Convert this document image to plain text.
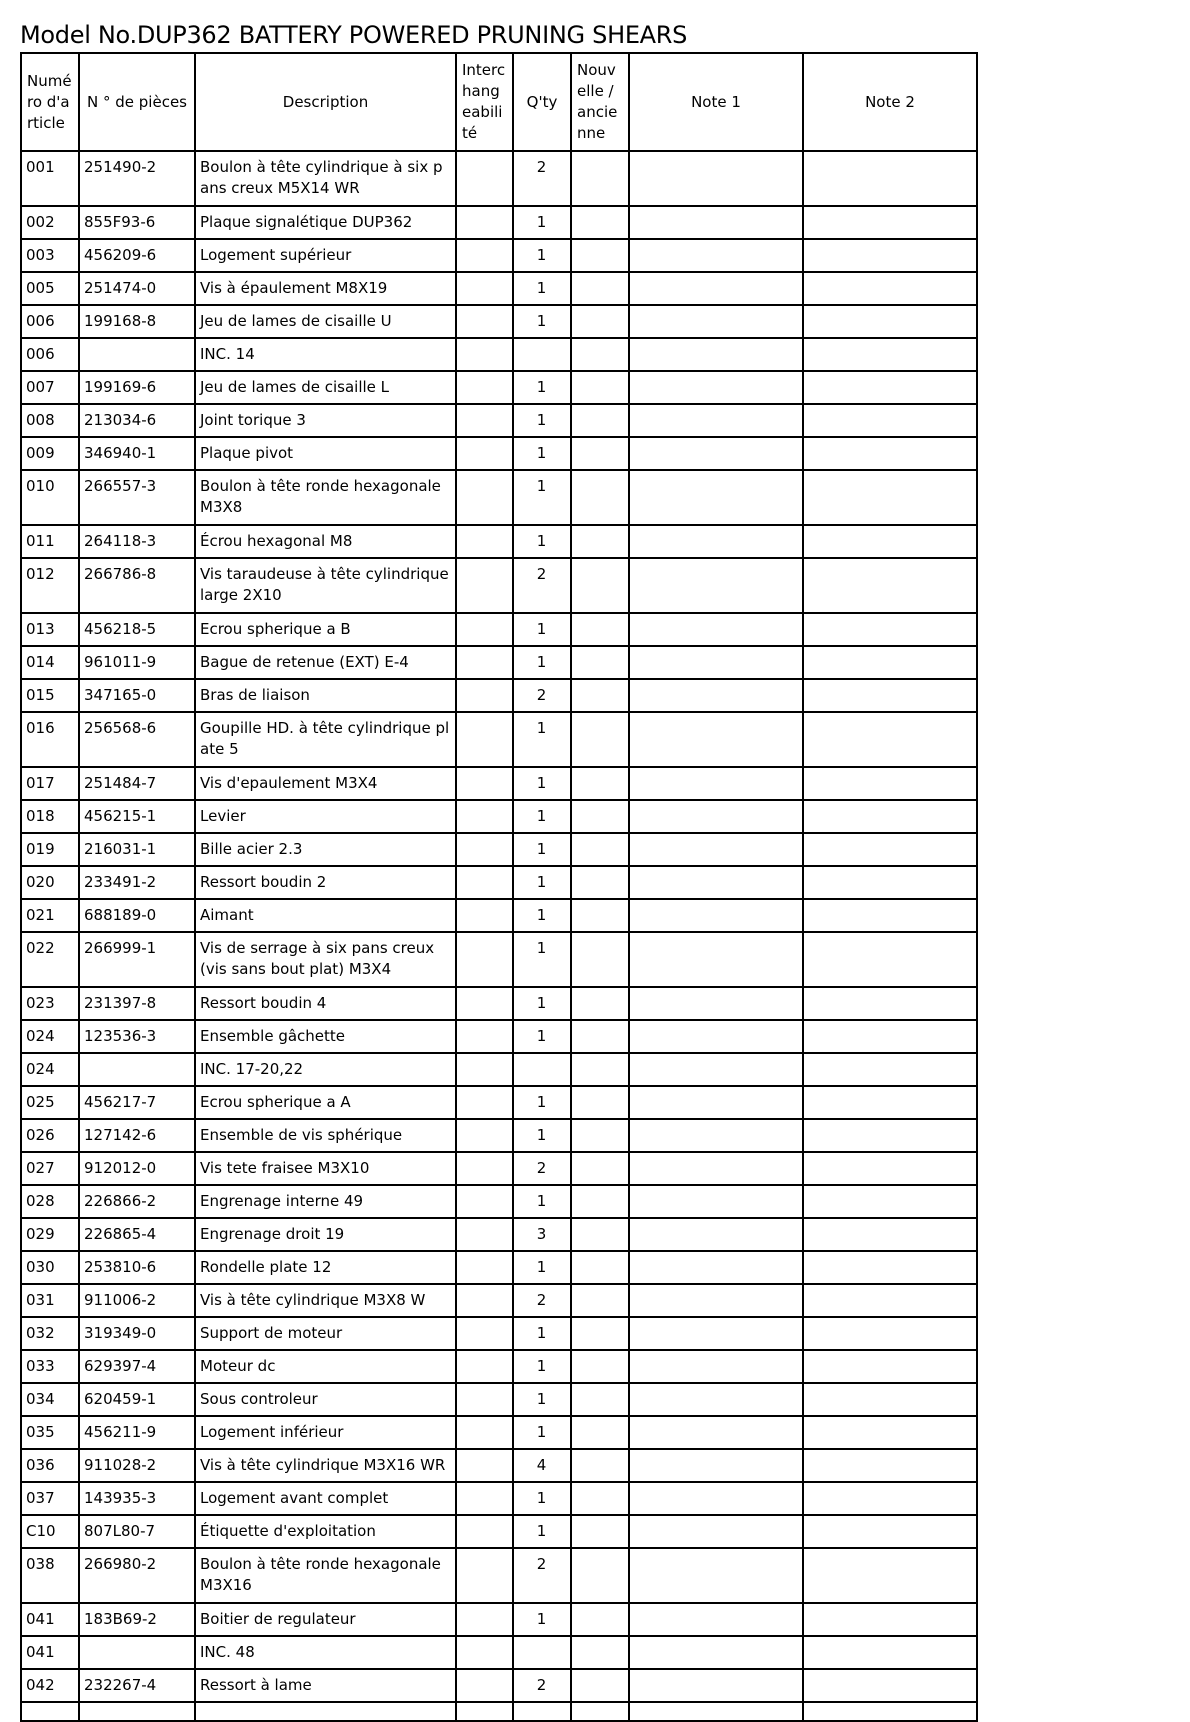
Model No.DUP362 BATTERY POWERED PRUNING SHEARS
Numéro d'article	N ° de pièces	Description	Interchangeabilité	Q'ty	Nouvelle / ancienne	Note 1	Note 2
001	251490-2	Boulon à tête cylindrique à six pans creux M5X14 WR		2			
002	855F93-6	Plaque signalétique DUP362		1			
003	456209-6	Logement supérieur		1			
005	251474-0	Vis à épaulement M8X19		1			
006	199168-8	Jeu de lames de cisaille U		1			
006		INC. 14					
007	199169-6	Jeu de lames de cisaille L		1			
008	213034-6	Joint torique 3		1			
009	346940-1	Plaque pivot		1			
010	266557-3	Boulon à tête ronde hexagonale M3X8		1			
011	264118-3	Écrou hexagonal M8		1			
012	266786-8	Vis taraudeuse à tête cylindrique large 2X10		2			
013	456218-5	Ecrou spherique a B		1			
014	961011-9	Bague de retenue (EXT) E-4		1			
015	347165-0	Bras de liaison		2			
016	256568-6	Goupille HD. à tête cylindrique plate 5		1			
017	251484-7	Vis d'epaulement M3X4		1			
018	456215-1	Levier		1			
019	216031-1	Bille acier 2.3		1			
020	233491-2	Ressort boudin 2		1			
021	688189-0	Aimant		1			
022	266999-1	Vis de serrage à six pans creux (vis sans bout plat) M3X4		1			
023	231397-8	Ressort boudin 4		1			
024	123536-3	Ensemble gâchette		1			
024		INC. 17-20,22					
025	456217-7	Ecrou spherique a A		1			
026	127142-6	Ensemble de vis sphérique		1			
027	912012-0	Vis tete fraisee M3X10		2			
028	226866-2	Engrenage interne 49		1			
029	226865-4	Engrenage droit 19		3			
030	253810-6	Rondelle plate 12		1			
031	911006-2	Vis à tête cylindrique M3X8 W		2			
032	319349-0	Support de moteur		1			
033	629397-4	Moteur dc		1			
034	620459-1	Sous controleur		1			
035	456211-9	Logement inférieur		1			
036	911028-2	Vis à tête cylindrique M3X16 WR		4			
037	143935-3	Logement avant complet		1			
C10	807L80-7	Étiquette d'exploitation		1			
038	266980-2	Boulon à tête ronde hexagonale M3X16		2			
041	183B69-2	Boitier de regulateur		1			
041		INC. 48					
042	232267-4	Ressort à lame		2			
